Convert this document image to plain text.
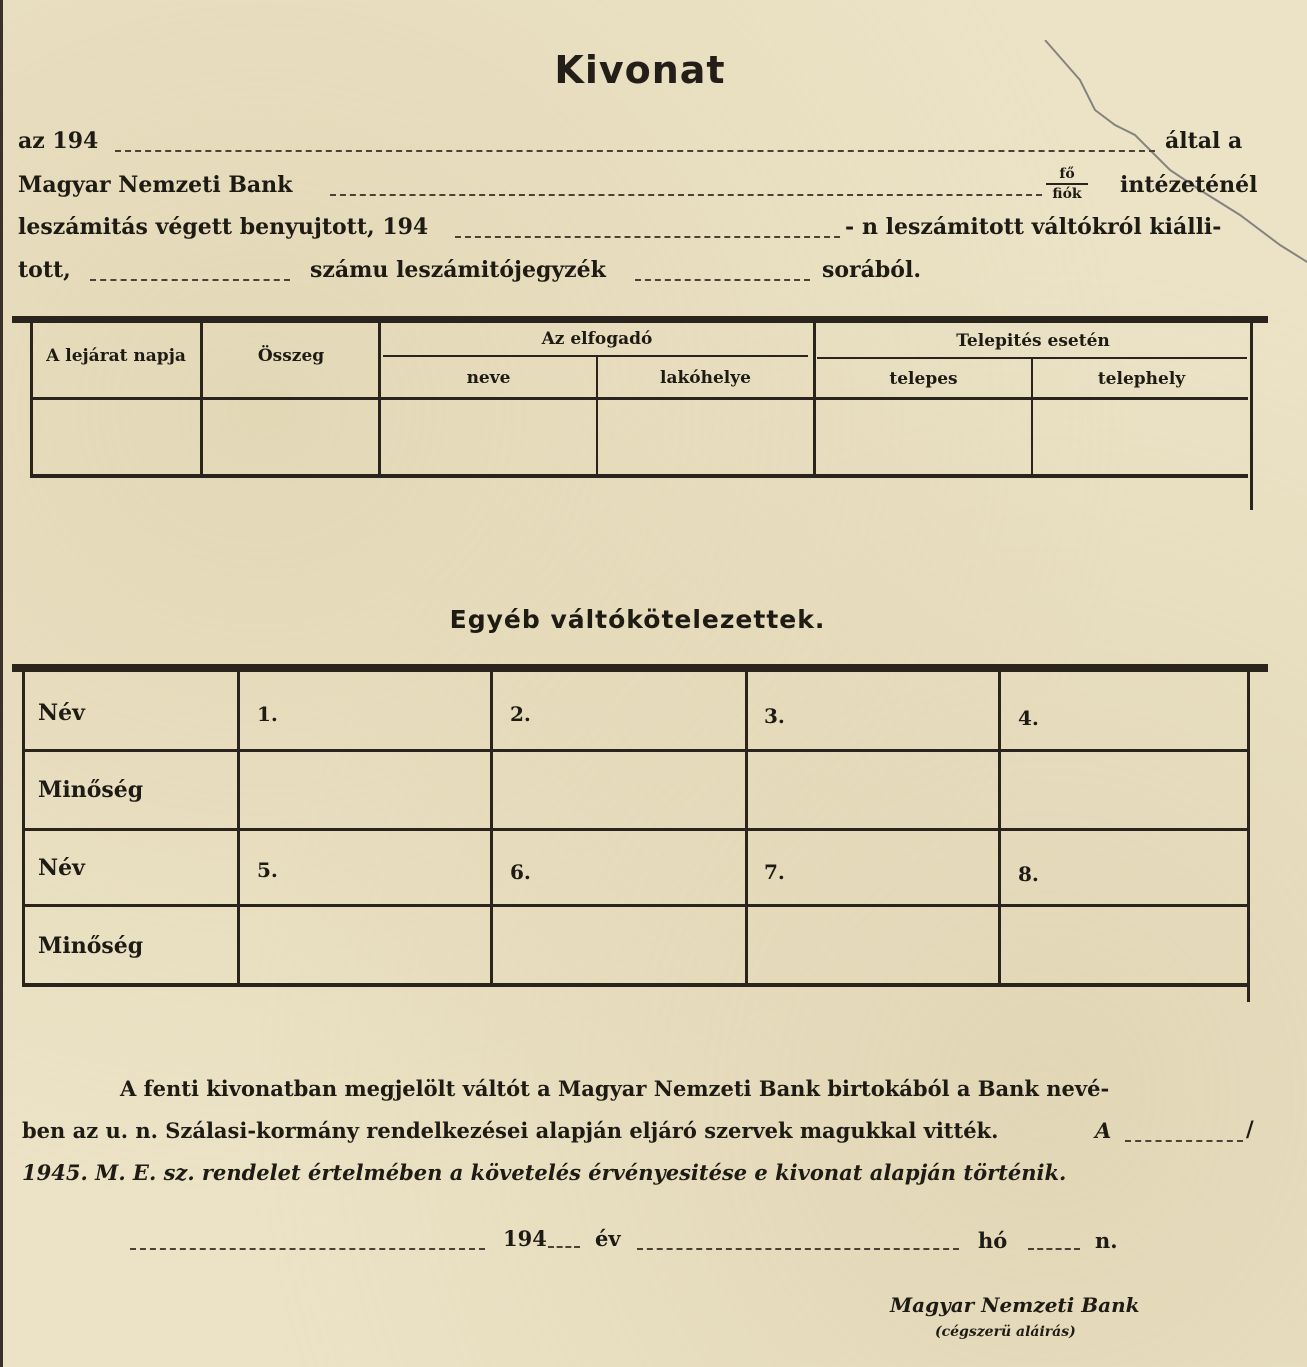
Kivonat
az 194	által a
Magyar Nemzeti Bank	fő
fiók	intézeténél
leszámitás végett benyujtott, 194	- n leszámitott váltókról kiálli-
tott,	számu leszámitójegyzék	sorából.
A lejárat napja	Összeg
Az elfogadó
neve	lakóhelye
Telepités esetén
telepes	telephely
Egyéb váltókötelezettek.
Név	1.	2.	3.	4.
Minőség
Név	5.	6.	7.	8.
Minőség
A fenti kivonatban megjelölt váltót a Magyar Nemzeti Bank birtokából a Bank nevé-
ben az u. n. Szálasi-kormány rendelkezései alapján eljáró szervek magukkal vitték.	A	/
1945. M. E. sz. rendelet értelmében a követelés érvényesitése e kivonat alapján történik.
194 év	hó	n.
Magyar Nemzeti Bank
(cégszerü aláirás)
